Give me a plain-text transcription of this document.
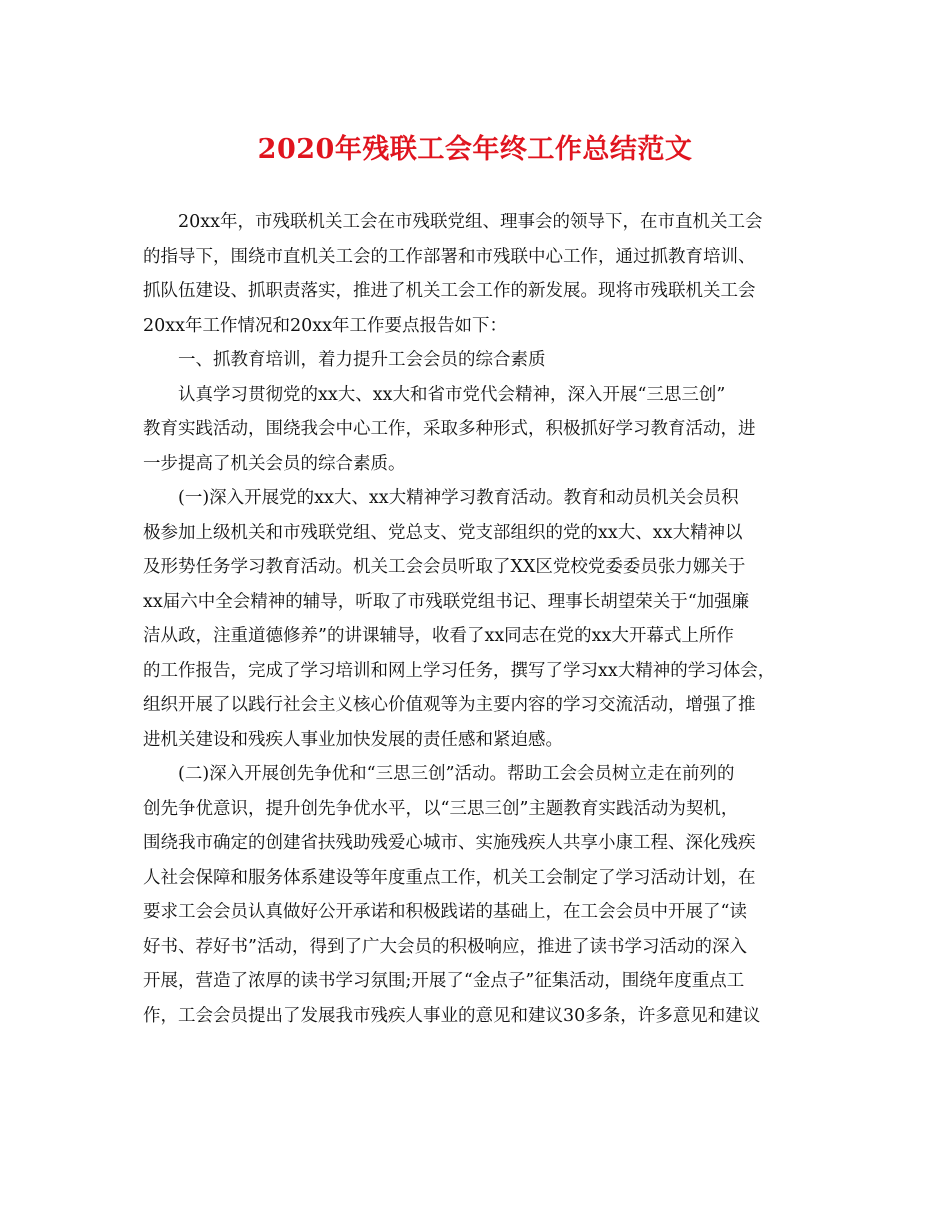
2020年残联工会年终工作总结范文
20xx年，市残联机关工会在市残联党组、理事会的领导下，在市直机关工会
的指导下，围绕市直机关工会的工作部署和市残联中心工作，通过抓教育培训、
抓队伍建设、抓职责落实，推进了机关工会工作的新发展。现将市残联机关工会
20xx年工作情况和20xx年工作要点报告如下：
一、抓教育培训，着力提升工会会员的综合素质
认真学习贯彻党的xx大、xx大和省市党代会精神，深入开展“三思三创”
教育实践活动，围绕我会中心工作，采取多种形式，积极抓好学习教育活动，进
一步提高了机关会员的综合素质。
(一)深入开展党的xx大、xx大精神学习教育活动。教育和动员机关会员积
极参加上级机关和市残联党组、党总支、党支部组织的党的xx大、xx大精神以
及形势任务学习教育活动。机关工会会员听取了XX区党校党委委员张力娜关于
xx届六中全会精神的辅导，听取了市残联党组书记、理事长胡望荣关于“加强廉
洁从政，注重道德修养”的讲课辅导，收看了xx同志在党的xx大开幕式上所作
的工作报告，完成了学习培训和网上学习任务，撰写了学习xx大精神的学习体会，
组织开展了以践行社会主义核心价值观等为主要内容的学习交流活动，增强了推
进机关建设和残疾人事业加快发展的责任感和紧迫感。
(二)深入开展创先争优和“三思三创”活动。帮助工会会员树立走在前列的
创先争优意识，提升创先争优水平，以“三思三创”主题教育实践活动为契机，
围绕我市确定的创建省扶残助残爱心城市、实施残疾人共享小康工程、深化残疾
人社会保障和服务体系建设等年度重点工作，机关工会制定了学习活动计划，在
要求工会会员认真做好公开承诺和积极践诺的基础上，在工会会员中开展了“读
好书、荐好书”活动，得到了广大会员的积极响应，推进了读书学习活动的深入
开展，营造了浓厚的读书学习氛围;开展了“金点子”征集活动，围绕年度重点工
作，工会会员提出了发展我市残疾人事业的意见和建议30多条，许多意见和建议
